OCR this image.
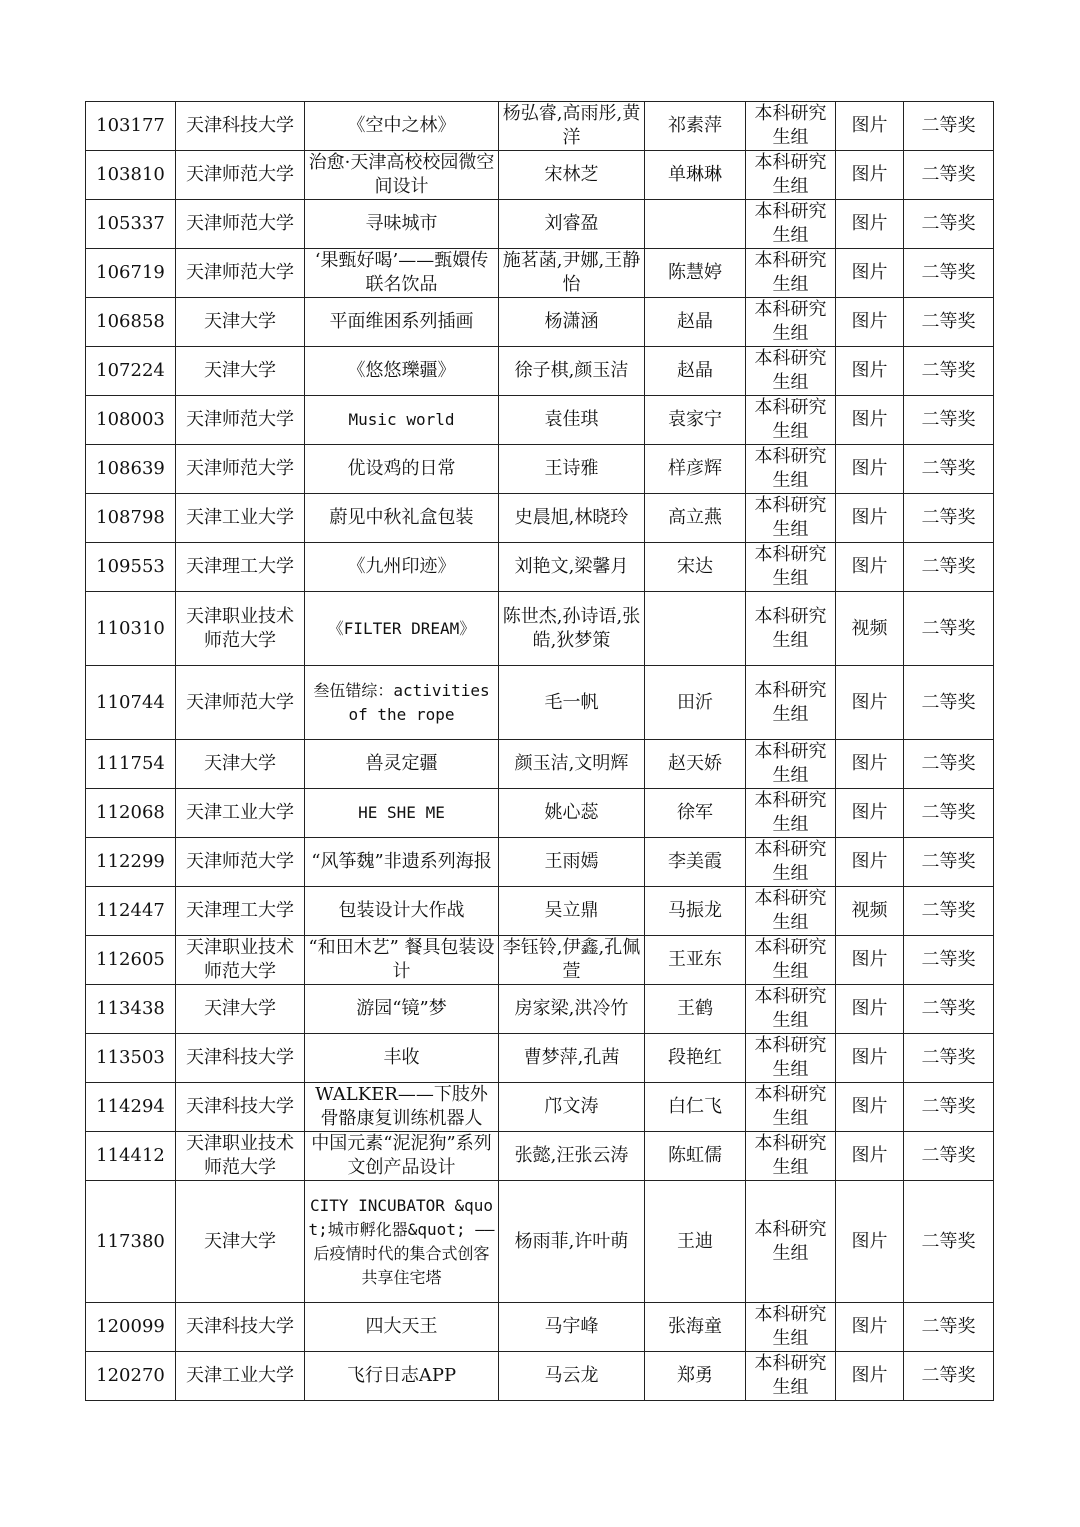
103177	天津科技大学	《空中之林》	杨弘睿,高雨彤,黄洋	祁素萍	本科研究生组	图片	二等奖
103810	天津师范大学	治愈·天津高校校园微空间设计	宋林芝	单琳琳	本科研究生组	图片	二等奖
105337	天津师范大学	寻味城市	刘睿盈		本科研究生组	图片	二等奖
106719	天津师范大学	‘果甄好喝’——甄嬛传联名饮品	施茗菡,尹娜,王静怡	陈慧婷	本科研究生组	图片	二等奖
106858	天津大学	平面维困系列插画	杨潇涵	赵晶	本科研究生组	图片	二等奖
107224	天津大学	《悠悠瓅疆》	徐子棋,颜玉洁	赵晶	本科研究生组	图片	二等奖
108003	天津师范大学	Music world	袁佳琪	袁家宁	本科研究生组	图片	二等奖
108639	天津师范大学	优设鸡的日常	王诗雅	样彦辉	本科研究生组	图片	二等奖
108798	天津工业大学	蔚见中秋礼盒包装	史晨旭,林晓玲	高立燕	本科研究生组	图片	二等奖
109553	天津理工大学	《九州印迹》	刘艳文,梁馨月	宋达	本科研究生组	图片	二等奖
110310	天津职业技术师范大学	《FILTER DREAM》	陈世杰,孙诗语,张皓,狄梦策		本科研究生组	视频	二等奖
110744	天津师范大学	叁伍错综：activities of the rope	毛一帆	田沂	本科研究生组	图片	二等奖
111754	天津大学	兽灵定疆	颜玉洁,文明辉	赵天娇	本科研究生组	图片	二等奖
112068	天津工业大学	HE SHE ME	姚心蕊	徐军	本科研究生组	图片	二等奖
112299	天津师范大学	“风筝魏”非遗系列海报	王雨嫣	李美霞	本科研究生组	图片	二等奖
112447	天津理工大学	包装设计大作战	吴立鼎	马振龙	本科研究生组	视频	二等奖
112605	天津职业技术师范大学	“和田木艺” 餐具包装设计	李钰铃,伊鑫,孔佩萱	王亚东	本科研究生组	图片	二等奖
113438	天津大学	游园“镜”梦	房家梁,洪冷竹	王鹤	本科研究生组	图片	二等奖
113503	天津科技大学	丰收	曹梦萍,孔茜	段艳红	本科研究生组	图片	二等奖
114294	天津科技大学	WALKER——下肢外骨骼康复训练机器人	邝文涛	白仁飞	本科研究生组	图片	二等奖
114412	天津职业技术师范大学	中国元素“泥泥狗”系列文创产品设计	张懿,汪张云涛	陈虹儒	本科研究生组	图片	二等奖
117380	天津大学	CITY INCUBATOR &quot;城市孵化器&quot; ——后疫情时代的集合式创客共享住宅塔	杨雨菲,许叶萌	王迪	本科研究生组	图片	二等奖
120099	天津科技大学	四大天王	马宇峰	张海童	本科研究生组	图片	二等奖
120270	天津工业大学	飞行日志APP	马云龙	郑勇	本科研究生组	图片	二等奖
